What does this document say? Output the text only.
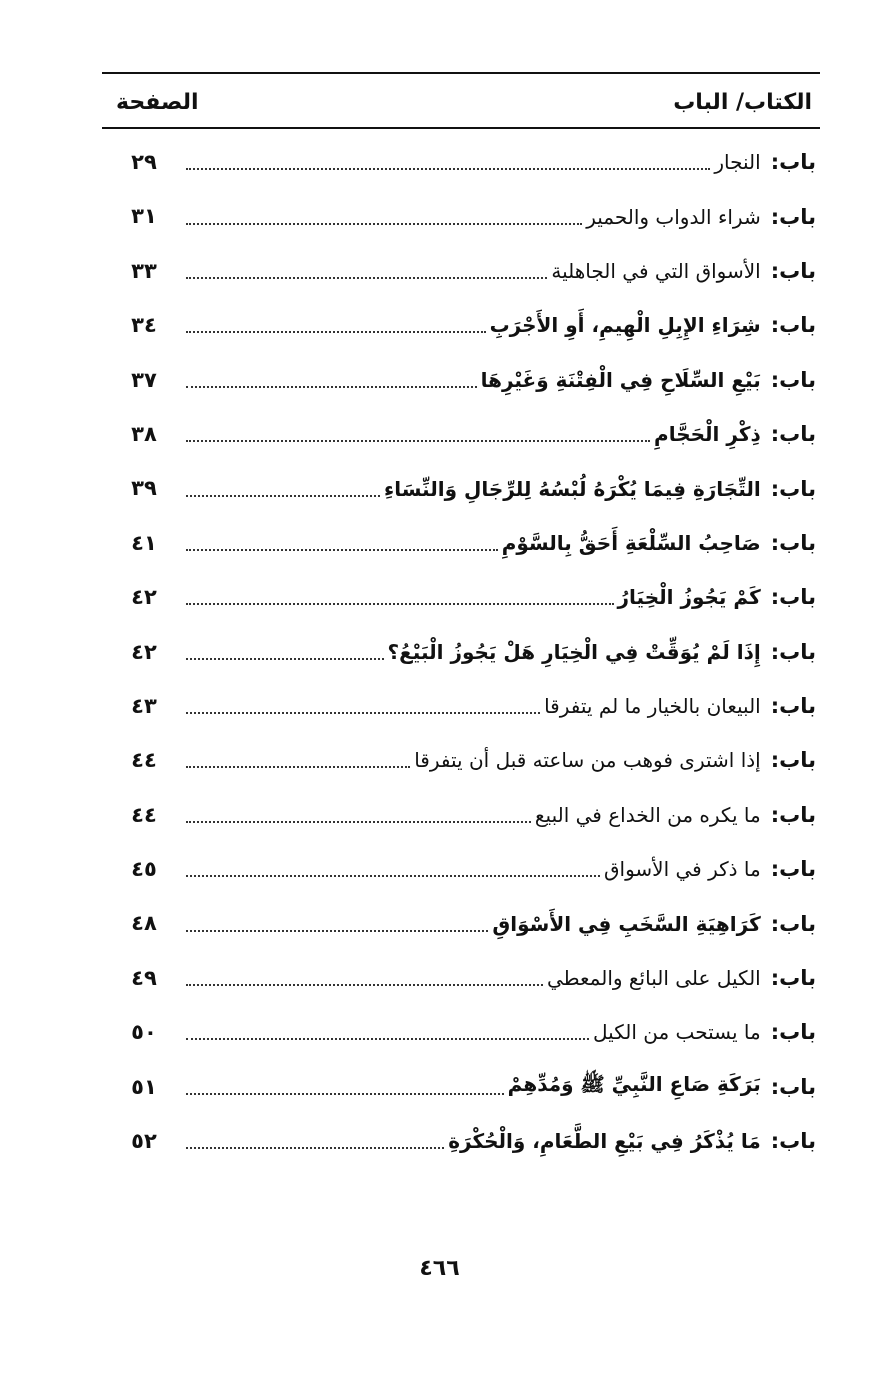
الكتاب/ الباب
الصفحة
باب:
النجار
٢٩
باب:
شراء الدواب والحمير
٣١
باب:
الأسواق التي في الجاهلية
٣٣
باب:
شِرَاءِ الإِبِلِ الْهِيمِ، أَوِ الأَجْرَبِ
٣٤
باب:
بَيْعِ السِّلَاحِ فِي الْفِتْنَةِ وَغَيْرِهَا
٣٧
باب:
ذِكْرِ الْحَجَّامِ
٣٨
باب:
التِّجَارَةِ فِيمَا يُكْرَهُ لُبْسُهُ لِلرِّجَالِ وَالنِّسَاءِ
٣٩
باب:
صَاحِبُ السِّلْعَةِ أَحَقُّ بِالسَّوْمِ
٤١
باب:
كَمْ يَجُوزُ الْخِيَارُ
٤٢
باب:
إِذَا لَمْ يُوَقِّتْ فِي الْخِيَارِ هَلْ يَجُوزُ الْبَيْعُ؟
٤٢
باب:
البيعان بالخيار ما لم يتفرقا
٤٣
باب:
إذا اشترى فوهب من ساعته قبل أن يتفرقا
٤٤
باب:
ما يكره من الخداع في البيع
٤٤
باب:
ما ذكر في الأسواق
٤٥
باب:
كَرَاهِيَةِ السَّخَبِ فِي الأَسْوَاقِ
٤٨
باب:
الكيل على البائع والمعطي
٤٩
باب:
ما يستحب من الكيل
٥٠
باب:
بَرَكَةِ صَاعِ النَّبِيِّ ﷺ وَمُدِّهِمْ
٥١
باب:
مَا يُذْكَرُ فِي بَيْعِ الطَّعَامِ، وَالْحُكْرَةِ
٥٢
٤٦٦
